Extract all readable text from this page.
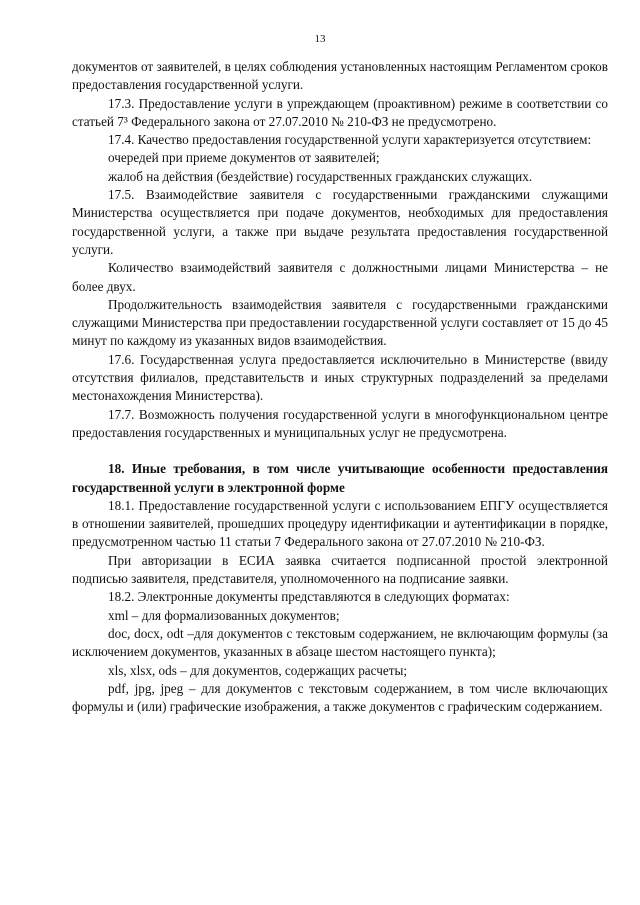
13

документов от заявителей, в целях соблюдения установленных настоящим Регламентом сроков предоставления государственной услуги.

17.3. Предоставление услуги в упреждающем (проактивном) режиме в соответствии со статьей 7³ Федерального закона от 27.07.2010 № 210-ФЗ не предусмотрено.

17.4. Качество предоставления государственной услуги характеризуется отсутствием:

очередей при приеме документов от заявителей;

жалоб на действия (бездействие) государственных гражданских служащих.

17.5. Взаимодействие заявителя с государственными гражданскими служащими Министерства осуществляется при подаче документов, необходимых для предоставления государственной услуги, а также при выдаче результата предоставления государственной услуги.

Количество взаимодействий заявителя с должностными лицами Министерства – не более двух.

Продолжительность взаимодействия заявителя с государственными гражданскими служащими Министерства при предоставлении государственной услуги составляет от 15 до 45 минут по каждому из указанных видов взаимодействия.

17.6. Государственная услуга предоставляется исключительно в Министерстве (ввиду отсутствия филиалов, представительств и иных структурных подразделений за пределами местонахождения Министерства).

17.7. Возможность получения государственной услуги в многофункциональном центре предоставления государственных и муниципальных услуг не предусмотрена.

18. Иные требования, в том числе учитывающие особенности предоставления государственной услуги в электронной форме

18.1. Предоставление государственной услуги с использованием ЕПГУ осуществляется в отношении заявителей, прошедших процедуру идентификации и аутентификации в порядке, предусмотренном частью 11 статьи 7 Федерального закона от 27.07.2010 № 210-ФЗ.

При авторизации в ЕСИА заявка считается подписанной простой электронной подписью заявителя, представителя, уполномоченного на подписание заявки.

18.2. Электронные документы представляются в следующих форматах:

xml – для формализованных документов;

doc, docx, odt –для документов с текстовым содержанием, не включающим формулы (за исключением документов, указанных в абзаце шестом настоящего пункта);

xls, xlsx, ods – для документов, содержащих расчеты;

pdf, jpg, jpeg – для документов с текстовым содержанием, в том числе включающих формулы и (или) графические изображения, а также документов с графическим содержанием.
